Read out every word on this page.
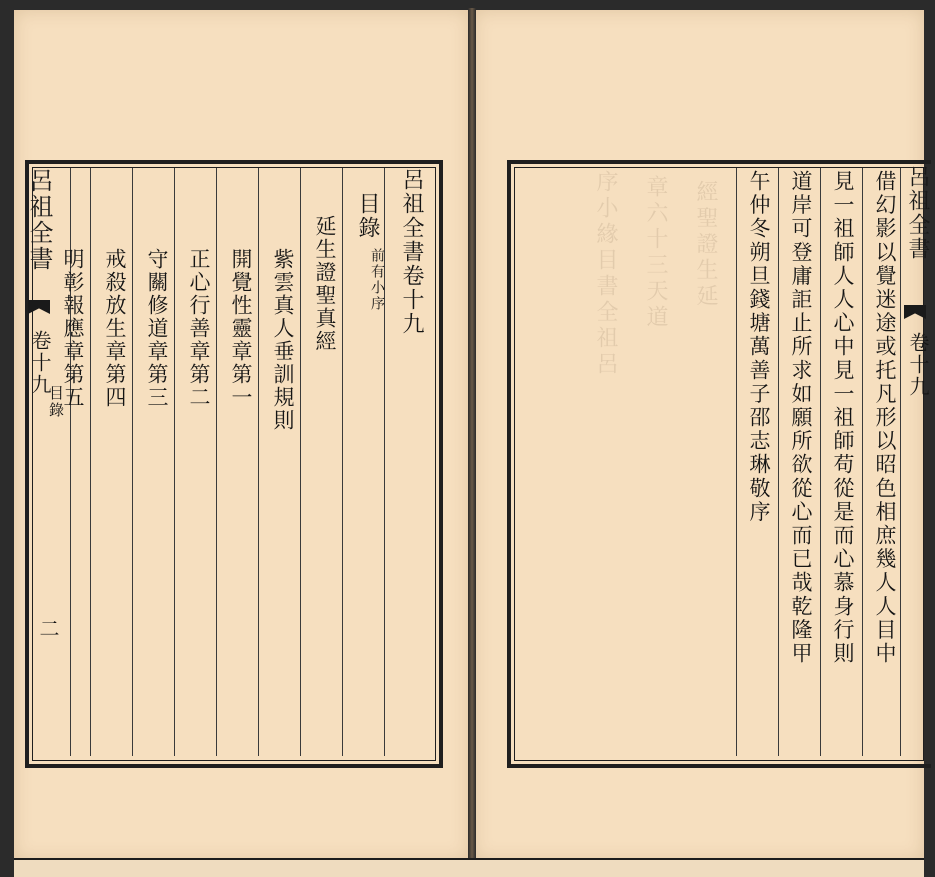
序小緣目書全祖呂 章六十三天道 經聖證生延
呂祖全書
卷十九
目錄
二
呂祖全書卷十九
目錄
前有小序
延生證聖真經
紫雲真人垂訓規則
開覺性靈章第一
正心行善章第二
守關修道章第三
戒殺放生章第四
明彰報應章第五
呂祖全書
卷十九
借幻影以覺迷途或托凡形以昭色相庶幾人人目中
見一祖師人人心中見一祖師苟從是而心慕身行則
道岸可登庸詎止所求如願所欲從心而已哉乾隆甲
午仲冬朔旦錢塘萬善子邵志琳敬序
